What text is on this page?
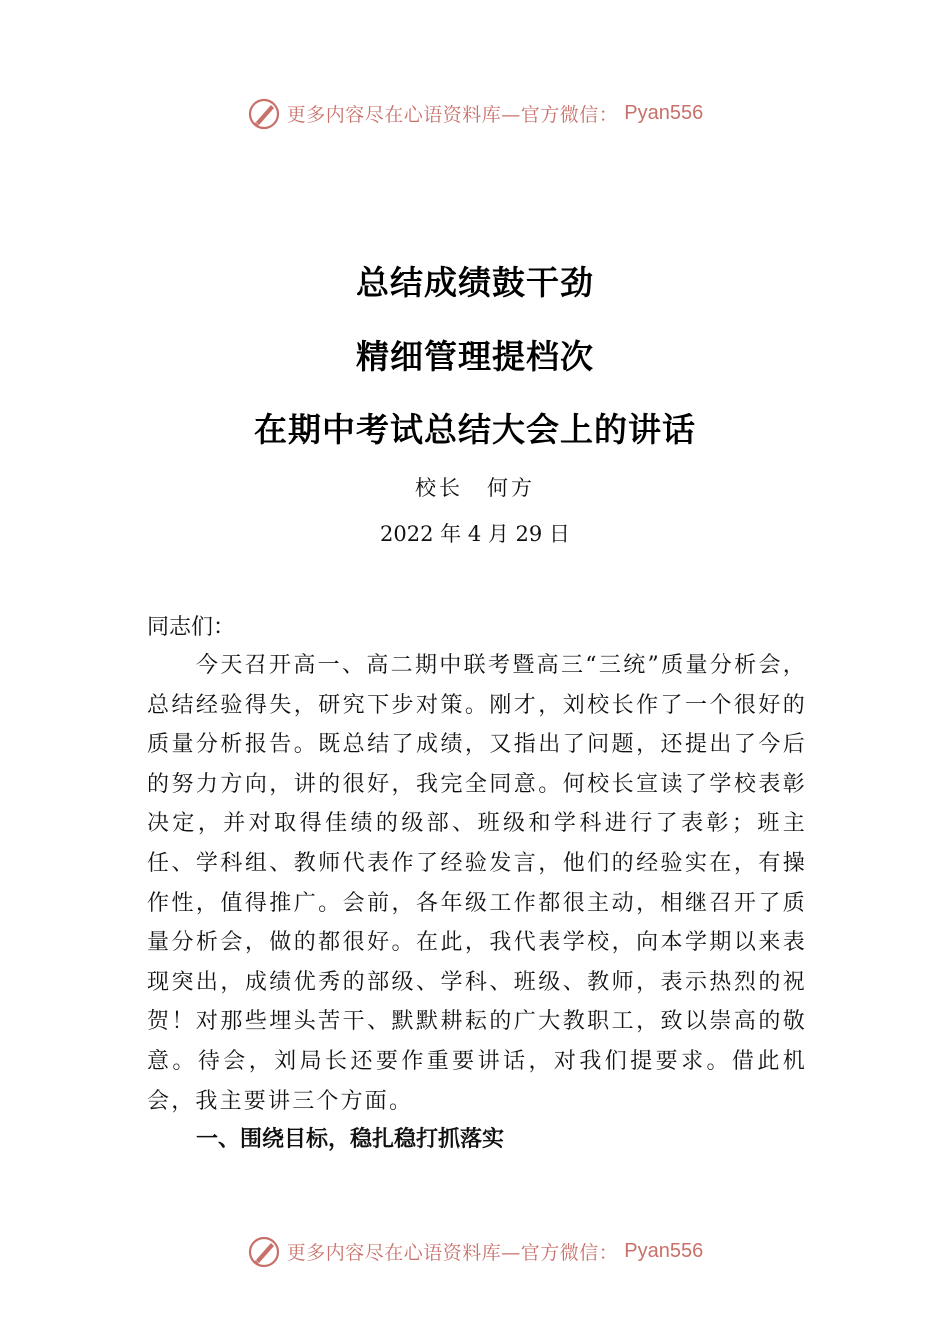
更多内容尽在心语资料库—官方微信： Pyan556
总结成绩鼓干劲
精细管理提档次
在期中考试总结大会上的讲话
校长　何方
2022 年 4 月 29 日
同志们：
今天召开高一、高二期中联考暨高三“三统”质量分析会，总结经验得失，研究下步对策。刚才，刘校长作了一个很好的质量分析报告。既总结了成绩，又指出了问题，还提出了今后的努力方向，讲的很好，我完全同意。何校长宣读了学校表彰决定，并对取得佳绩的级部、班级和学科进行了表彰；班主任、学科组、教师代表作了经验发言，他们的经验实在，有操作性，值得推广。会前，各年级工作都很主动，相继召开了质量分析会，做的都很好。在此，我代表学校，向本学期以来表现突出，成绩优秀的部级、学科、班级、教师，表示热烈的祝贺！对那些埋头苦干、默默耕耘的广大教职工，致以崇高的敬意。待会，刘局长还要作重要讲话，对我们提要求。借此机会，我主要讲三个方面。
一、围绕目标，稳扎稳打抓落实
更多内容尽在心语资料库—官方微信： Pyan556
